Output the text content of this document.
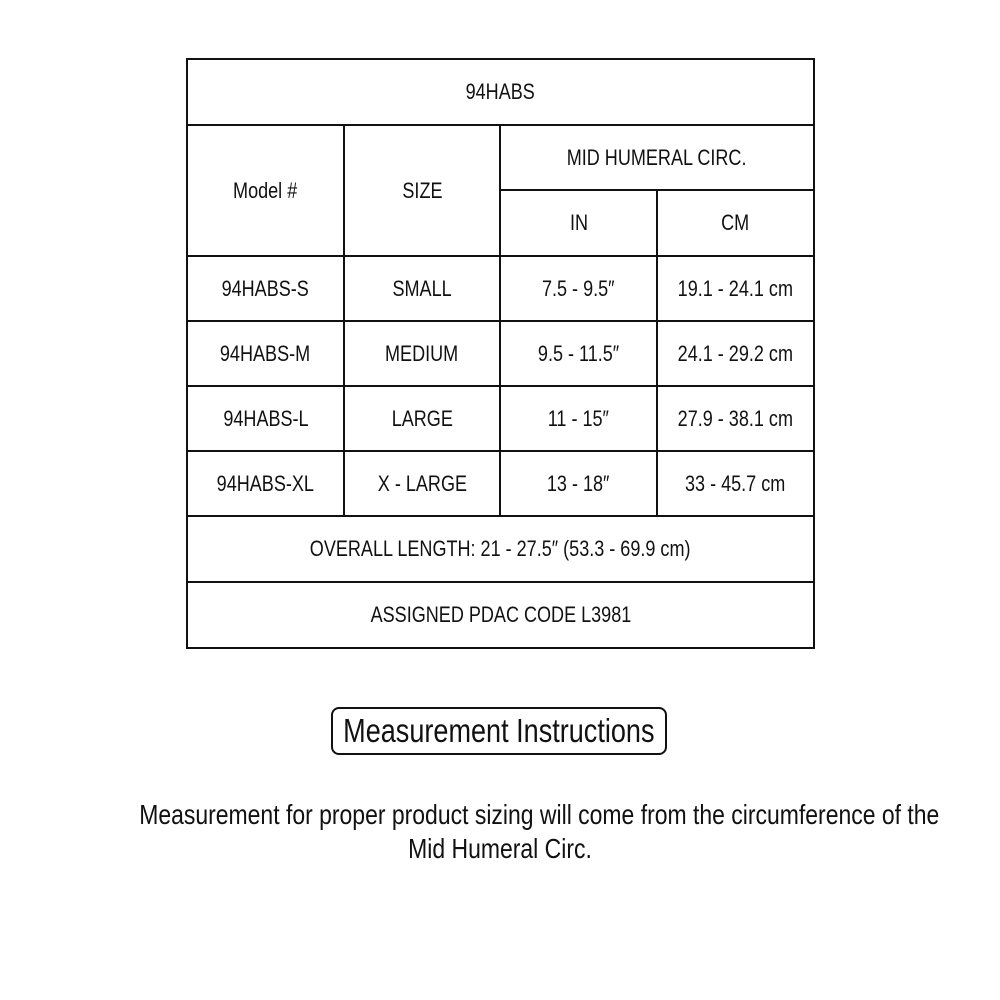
94HABS			
Model #	SIZE	MID HUMERAL CIRC.	
		IN	CM
94HABS-S	SMALL	7.5 - 9.5″	19.1 - 24.1 cm
94HABS-M	MEDIUM	9.5 - 11.5″	24.1 - 29.2 cm
94HABS-L	LARGE	11 - 15″	27.9 - 38.1 cm
94HABS-XL	X - LARGE	13 - 18″	33 - 45.7 cm
OVERALL LENGTH: 21 - 27.5″ (53.3 - 69.9 cm)			
ASSIGNED PDAC CODE L3981			
Measurement Instructions
Measurement for proper product sizing will come from the circumference of the
Mid Humeral Circ.
